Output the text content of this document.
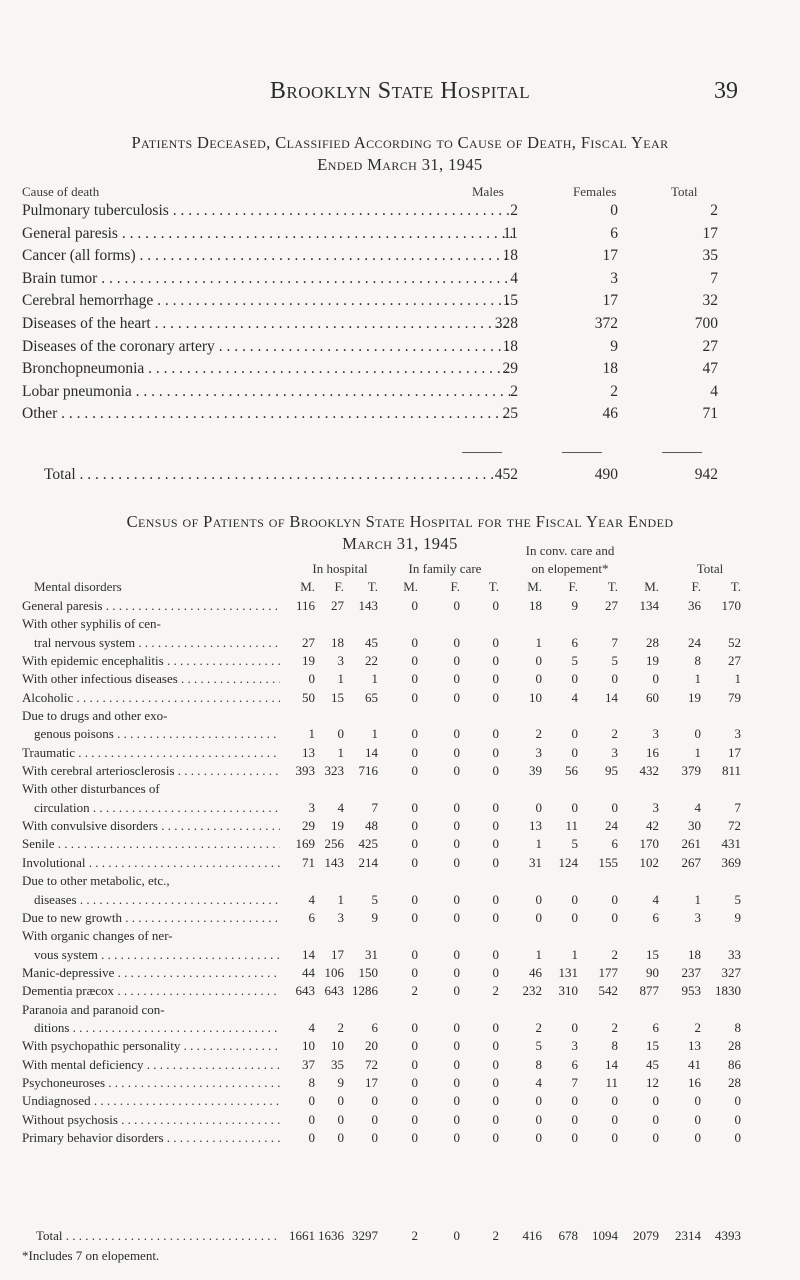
Brooklyn State Hospital	39
Patients Deceased, Classified According to Cause of Death, Fiscal Year
Ended March 31, 1945
Cause of death	Males	Females	Total
Pulmonary tuberculosis . . .	2	0	2
General paresis . . .	11	6	17
Cancer (all forms) . . .	18	17	35
Brain tumor . . .	4	3	7
Cerebral hemorrhage . . .	15	17	32
Diseases of the heart . . .	328	372	700
Diseases of the coronary artery . . .	18	9	27
Bronchopneumonia . . .	29	18	47
Lobar pneumonia . . .	2	2	4
Other . . .	25	46	71
Total . . .	452	490	942
Census of Patients of Brooklyn State Hospital for the Fiscal Year Ended
March 31, 1945
In hospital	In family care
In conv. care and
on elopement*	Total
Mental disorders	M.	F.	T.	M.	F.	T.	M.	F.	T.	M.	F.	T.
General paresis . . .	116	27	143	0	0	0	18	9	27	134	36	170
With other syphilis of cen-
tral nervous system . . .	27	18	45	0	0	0	1	6	7	28	24	52
With epidemic encephalitis . . .	19	3	22	0	0	0	0	5	5	19	8	27
With other infectious diseases . . .	0	1	1	0	0	0	0	0	0	0	1	1
Alcoholic . . .	50	15	65	0	0	0	10	4	14	60	19	79
Due to drugs and other exo-
genous poisons . . .	1	0	1	0	0	0	2	0	2	3	0	3
Traumatic . . .	13	1	14	0	0	0	3	0	3	16	1	17
With cerebral arteriosclerosis . . .	393 323	716	0	0	0	39	56	95	432	379	811
With other disturbances of
circulation . . .	3	4	7	0	0	0	0	0	0	3	4	7
With convulsive disorders . . .	29	19	48	0	0	0	13	11	24	42	30	72
Senile . . .	169 256	425	0	0	0	1	5	6	170	261	431
Involutional . . .	71 143	214	0	0	0	31	124	155	102	267	369
Due to other metabolic, etc.,
diseases . . .	4	1	5	0	0	0	0	0	0	4	1	5
Due to new growth . . .	6	3	9	0	0	0	0	0	0	6	3	9
With organic changes of ner-
vous system . . .	14	17	31	0	0	0	1	1	2	15	18	33
Manic-depressive . . .	44 106	150	0	0	0	46	131	177	90	237	327
Dementia præcox . . .	643 643 1286	2	0	2	232	310	542	877	953	1830
Paranoia and paranoid con-
ditions . . .	4	2	6	0	0	0	2	0	2	6	2	8
With psychopathic personality . . .	10	10	20	0	0	0	5	3	8	15	13	28
With mental deficiency . . .	37	35	72	0	0	0	8	6	14	45	41	86
Psychoneuroses . . .	8	9	17	0	0	0	4	7	11	12	16	28
Undiagnosed . . .	0	0	0	0	0	0	0	0	0	0	0	0
Without psychosis . . .	0	0	0	0	0	0	0	0	0	0	0	0
Primary behavior disorders . . .	0	0	0	0	0	0	0	0	0	0	0	0
Total . . .	1661 1636 3297	2	0	2	416	678	1094	2079	2314	4393
*Includes 7 on elopement.
